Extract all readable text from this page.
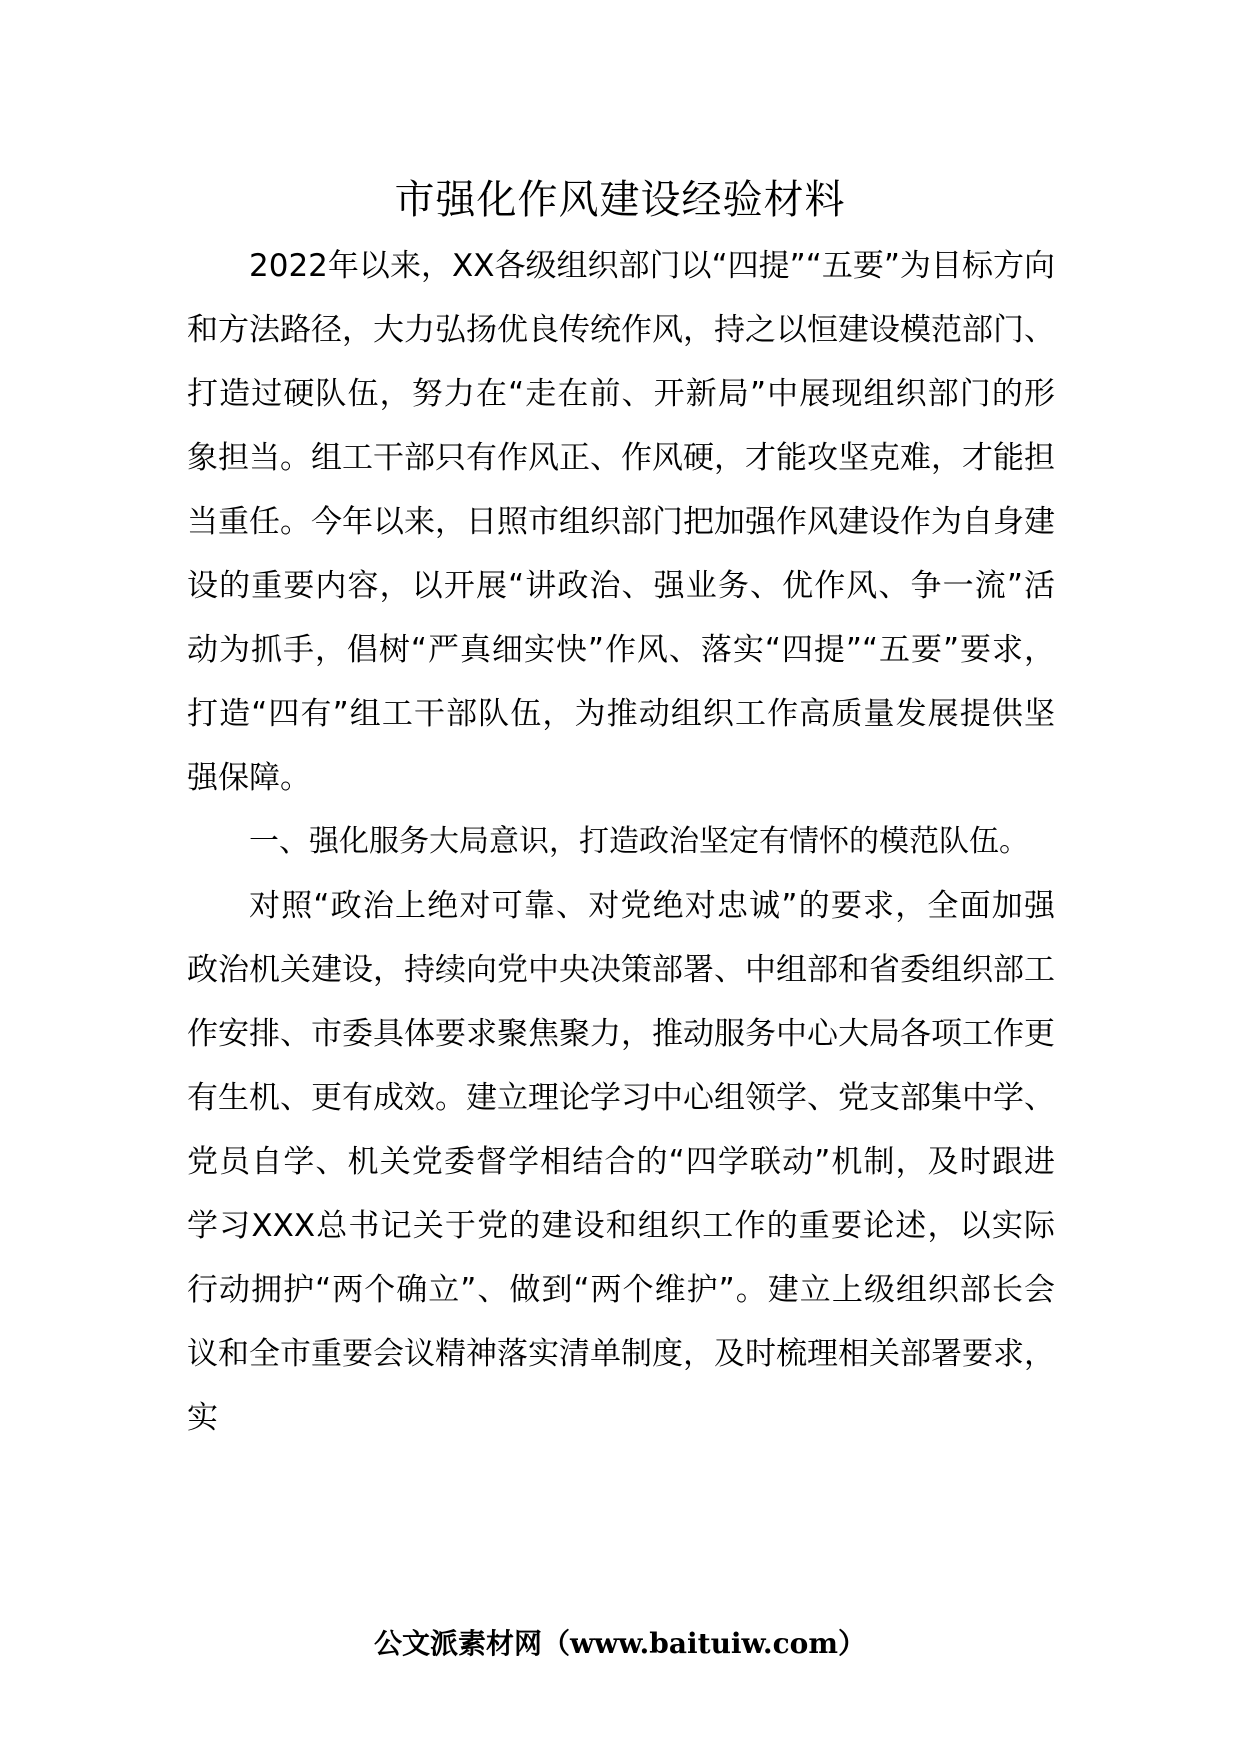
市强化作风建设经验材料

2022年以来，XX各级组织部门以“四提”“五要”为目标方向和方法路径，大力弘扬优良传统作风，持之以恒建设模范部门、打造过硬队伍，努力在“走在前、开新局”中展现组织部门的形象担当。组工干部只有作风正、作风硬，才能攻坚克难，才能担当重任。今年以来，日照市组织部门把加强作风建设作为自身建设的重要内容，以开展“讲政治、强业务、优作风、争一流”活动为抓手，倡树“严真细实快”作风、落实“四提”“五要”要求，打造“四有”组工干部队伍，为推动组织工作高质量发展提供坚强保障。

一、强化服务大局意识，打造政治坚定有情怀的模范队伍。

对照“政治上绝对可靠、对党绝对忠诚”的要求，全面加强政治机关建设，持续向党中央决策部署、中组部和省委组织部工作安排、市委具体要求聚焦聚力，推动服务中心大局各项工作更有生机、更有成效。建立理论学习中心组领学、党支部集中学、党员自学、机关党委督学相结合的“四学联动”机制，及时跟进学习XXX总书记关于党的建设和组织工作的重要论述，以实际行动拥护“两个确立”、做到“两个维护”。建立上级组织部长会议和全市重要会议精神落实清单制度，及时梳理相关部署要求，实

公文派素材网（www.baituiw.com）
